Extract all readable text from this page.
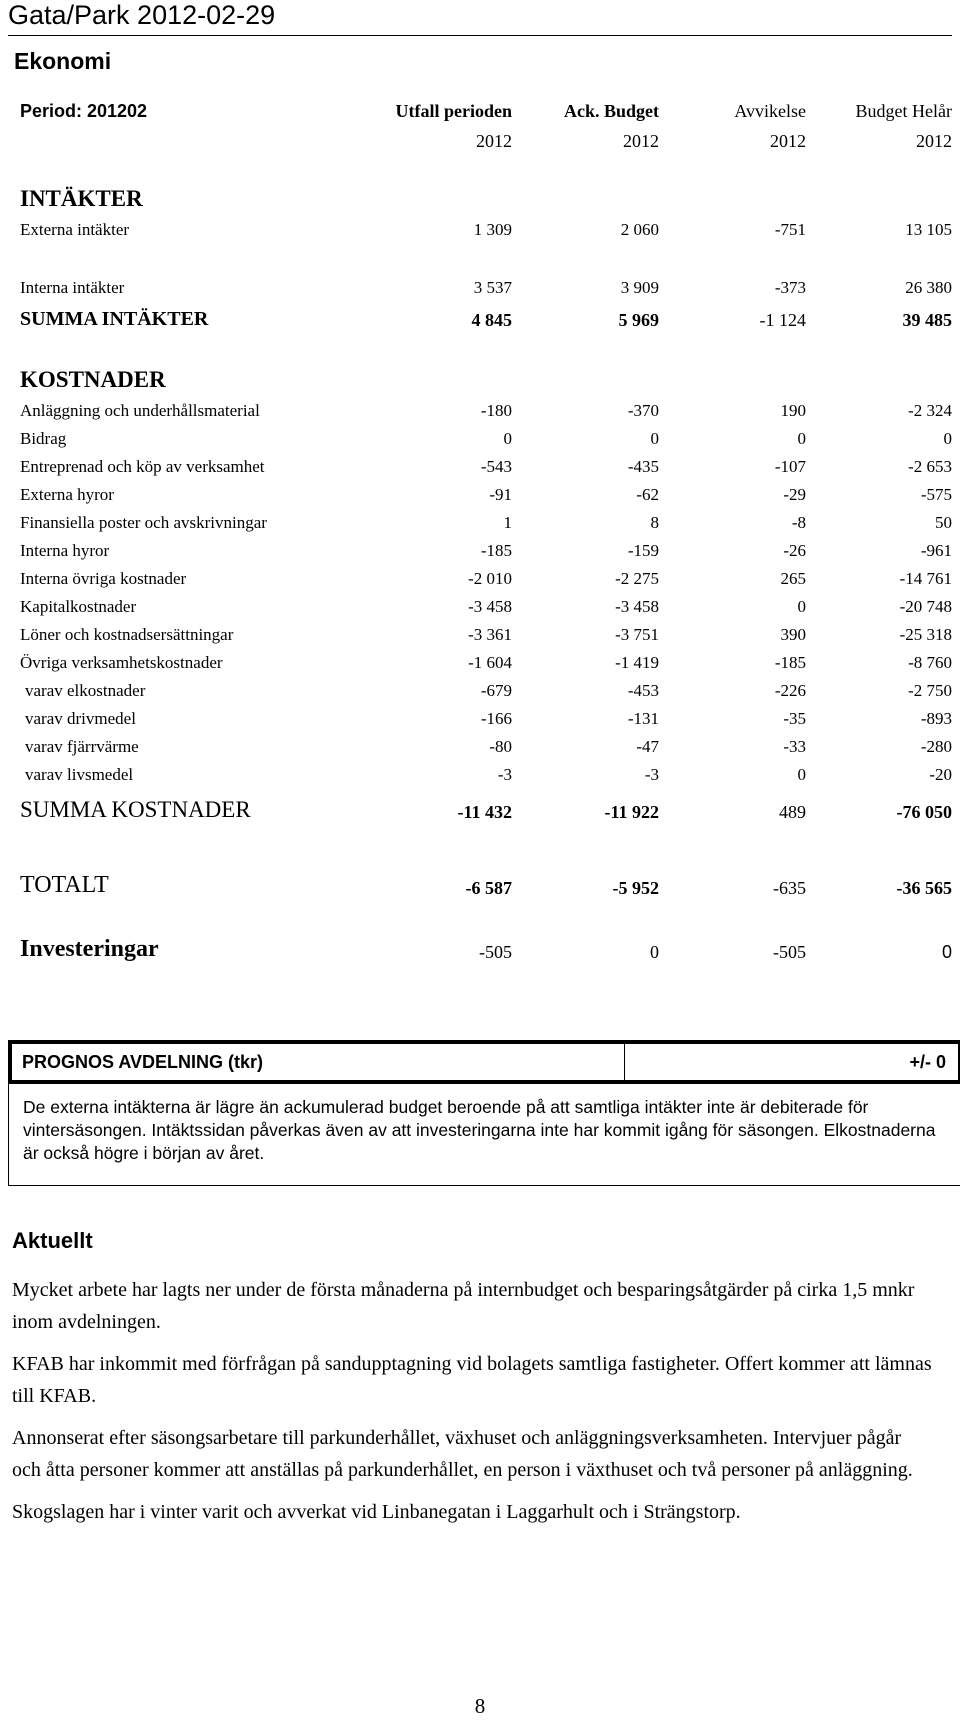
Gata/Park 2012-02-29
Ekonomi
Period: 201202	Utfall perioden	Ack. Budget	Avvikelse	Budget Helår
	2012	2012	2012	2012
INTÄKTER				
Externa intäkter	1 309	2 060	-751	13 105
Interna intäkter	3 537	3 909	-373	26 380
SUMMA INTÄKTER	4 845	5 969	-1 124	39 485
KOSTNADER				
Anläggning och underhållsmaterial	-180	-370	190	-2 324
Bidrag	0	0	0	0
Entreprenad och köp av verksamhet	-543	-435	-107	-2 653
Externa hyror	-91	-62	-29	-575
Finansiella poster och avskrivningar	1	8	-8	50
Interna hyror	-185	-159	-26	-961
Interna övriga kostnader	-2 010	-2 275	265	-14 761
Kapitalkostnader	-3 458	-3 458	0	-20 748
Löner och kostnadsersättningar	-3 361	-3 751	390	-25 318
Övriga verksamhetskostnader	-1 604	-1 419	-185	-8 760
varav elkostnader	-679	-453	-226	-2 750
varav drivmedel	-166	-131	-35	-893
varav fjärrvärme	-80	-47	-33	-280
varav livsmedel	-3	-3	0	-20
SUMMA KOSTNADER	-11 432	-11 922	489	-76 050
TOTALT	-6 587	-5 952	-635	-36 565
Investeringar	-505	0	-505	0
PROGNOS AVDELNING (tkr)	+/- 0

De externa intäkterna är lägre än ackumulerad budget beroende på att samtliga intäkter inte är debiterade för vintersäsongen. Intäktssidan påverkas även av att investeringarna inte har kommit igång för säsongen. Elkostnaderna är också högre i början av året.

Aktuellt

Mycket arbete har lagts ner under de första månaderna på internbudget och besparingsåtgärder på cirka 1,5 mnkr inom avdelningen.

KFAB har inkommit med förfrågan på sandupptagning vid bolagets samtliga fastigheter. Offert kommer att lämnas till KFAB.

Annonserat efter säsongsarbetare till parkunderhållet, växhuset och anläggningsverksamheten. Intervjuer pågår och åtta personer kommer att anställas på parkunderhållet, en person i växthuset och två personer på anläggning.

Skogslagen har i vinter varit och avverkat vid Linbanegatan i Laggarhult och i Strängstorp.

8
